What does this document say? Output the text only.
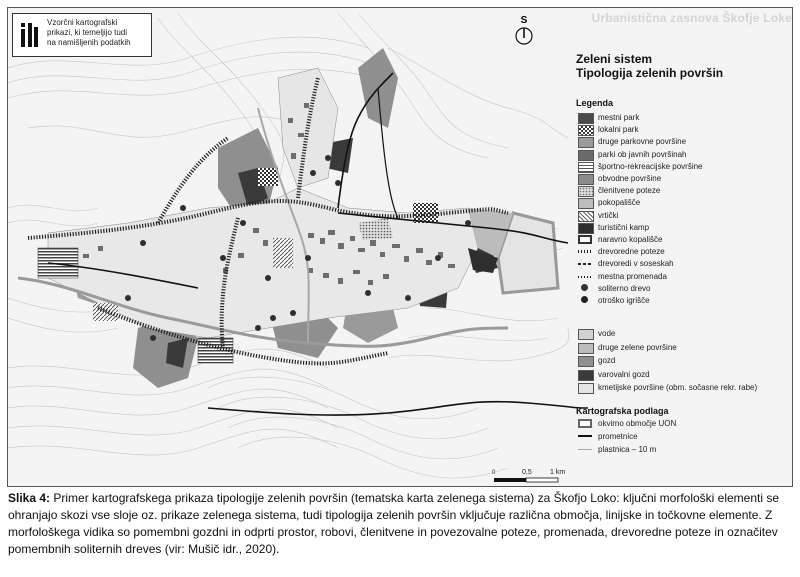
Urbanistična zasnova Škofje Loke
Vzorčni kartografski
prikazi, ki temeljijo tudi
na namišljenih podatkih
S
Zeleni sistem
Tipologija zelenih površin
Legenda
mestni park
lokalni park
druge parkovne površine
parki ob javnih površinah
športno-rekreacijske površine
obvodne površine
členitvene poteze
pokopališče
vrtički
turistični kamp
naravno kopališče
drevoredne poteze
drevoredi v soseskah
mestna promenada
soliterno drevo
otroško igrišče
vode
druge zelene površine
gozd
varovalni gozd
kmetijske površine (obm. sočasne rekr. rabe)
okvirno območje UON
prometnice
plastnica – 10 m
Kartografska podlaga
0	0,5	1 km
Slika 4: Primer kartografskega prikaza tipologije zelenih površin (tematska karta zelenega sistema) za Škofjo Loko: ključni morfološki elementi se ohranjajo skozi vse sloje oz. prikaze zelenega sistema, tudi tipologija zelenih površin vključuje različna območja, linijske in točkovne elemente. Z morfološkega vidika so pomembni gozdni in odprti prostor, robovi, členitvene in povezovalne poteze, promenada, drevoredne poteze in označitev pomembnih soliternih dreves (vir: Mušič idr., 2020).
